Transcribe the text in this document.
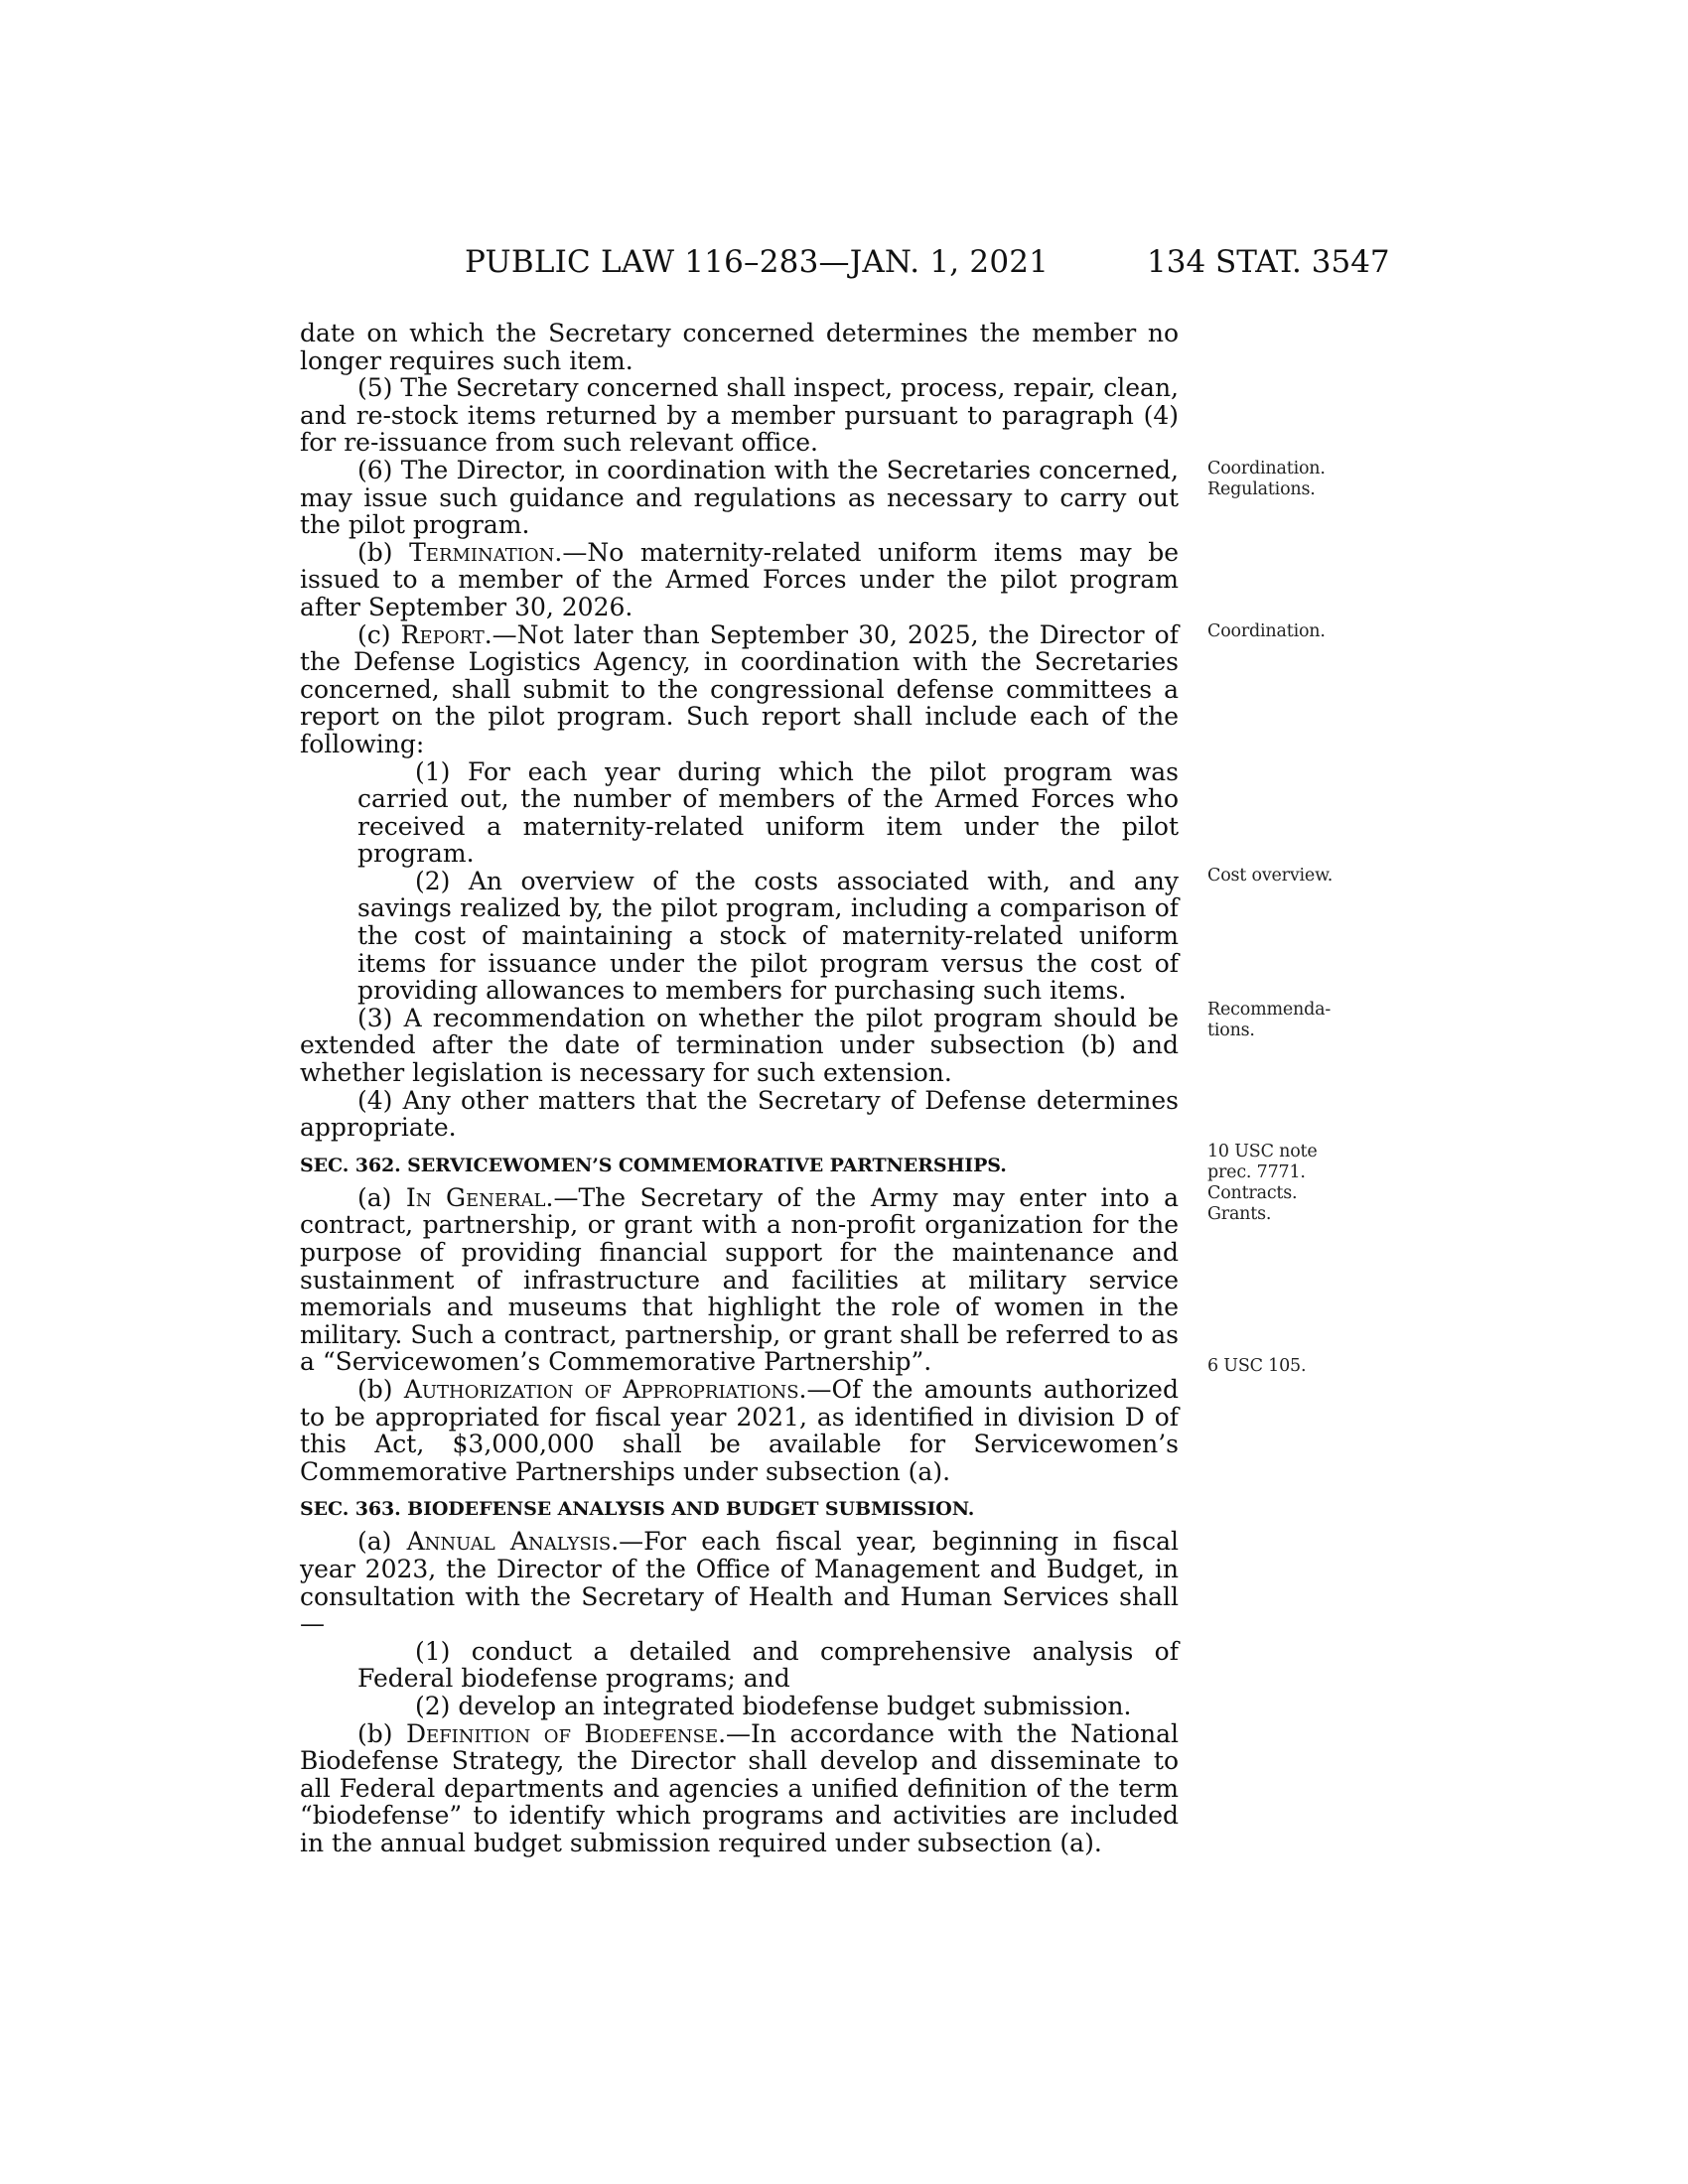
PUBLIC LAW 116–283—JAN. 1, 2021	134 STAT. 3547

date on which the Secretary concerned determines the member no longer requires such item.

(5) The Secretary concerned shall inspect, process, repair, clean, and re-stock items returned by a member pursuant to paragraph (4) for re-issuance from such relevant office.

(6) The Director, in coordination with the Secretaries concerned, may issue such guidance and regulations as necessary to carry out the pilot program.

(b) Termination.—No maternity-related uniform items may be issued to a member of the Armed Forces under the pilot program after September 30, 2026.

(c) Report.—Not later than September 30, 2025, the Director of the Defense Logistics Agency, in coordination with the Secretaries concerned, shall submit to the congressional defense committees a report on the pilot program. Such report shall include each of the following:

(1) For each year during which the pilot program was carried out, the number of members of the Armed Forces who received a maternity-related uniform item under the pilot program.

(2) An overview of the costs associated with, and any savings realized by, the pilot program, including a comparison of the cost of maintaining a stock of maternity-related uniform items for issuance under the pilot program versus the cost of providing allowances to members for purchasing such items.

(3) A recommendation on whether the pilot program should be extended after the date of termination under subsection (b) and whether legislation is necessary for such extension.

(4) Any other matters that the Secretary of Defense determines appropriate.

SEC. 362. SERVICEWOMEN’S COMMEMORATIVE PARTNERSHIPS.

(a) In General.—The Secretary of the Army may enter into a contract, partnership, or grant with a non-profit organization for the purpose of providing financial support for the maintenance and sustainment of infrastructure and facilities at military service memorials and museums that highlight the role of women in the military. Such a contract, partnership, or grant shall be referred to as a “Servicewomen’s Commemorative Partnership”.

(b) Authorization of Appropriations.—Of the amounts authorized to be appropriated for fiscal year 2021, as identified in division D of this Act, $3,000,000 shall be available for Servicewomen’s Commemorative Partnerships under subsection (a).

SEC. 363. BIODEFENSE ANALYSIS AND BUDGET SUBMISSION.

(a) Annual Analysis.—For each fiscal year, beginning in fiscal year 2023, the Director of the Office of Management and Budget, in consultation with the Secretary of Health and Human Services shall—

(1) conduct a detailed and comprehensive analysis of Federal biodefense programs; and

(2) develop an integrated biodefense budget submission.

(b) Definition of Biodefense.—In accordance with the National Biodefense Strategy, the Director shall develop and disseminate to all Federal departments and agencies a unified definition of the term “biodefense” to identify which programs and activities are included in the annual budget submission required under subsection (a).

Coordination.
Regulations.
Coordination.
Cost overview.
Recommenda-
tions.
10 USC note
prec. 7771.
Contracts.
Grants.
6 USC 105.
